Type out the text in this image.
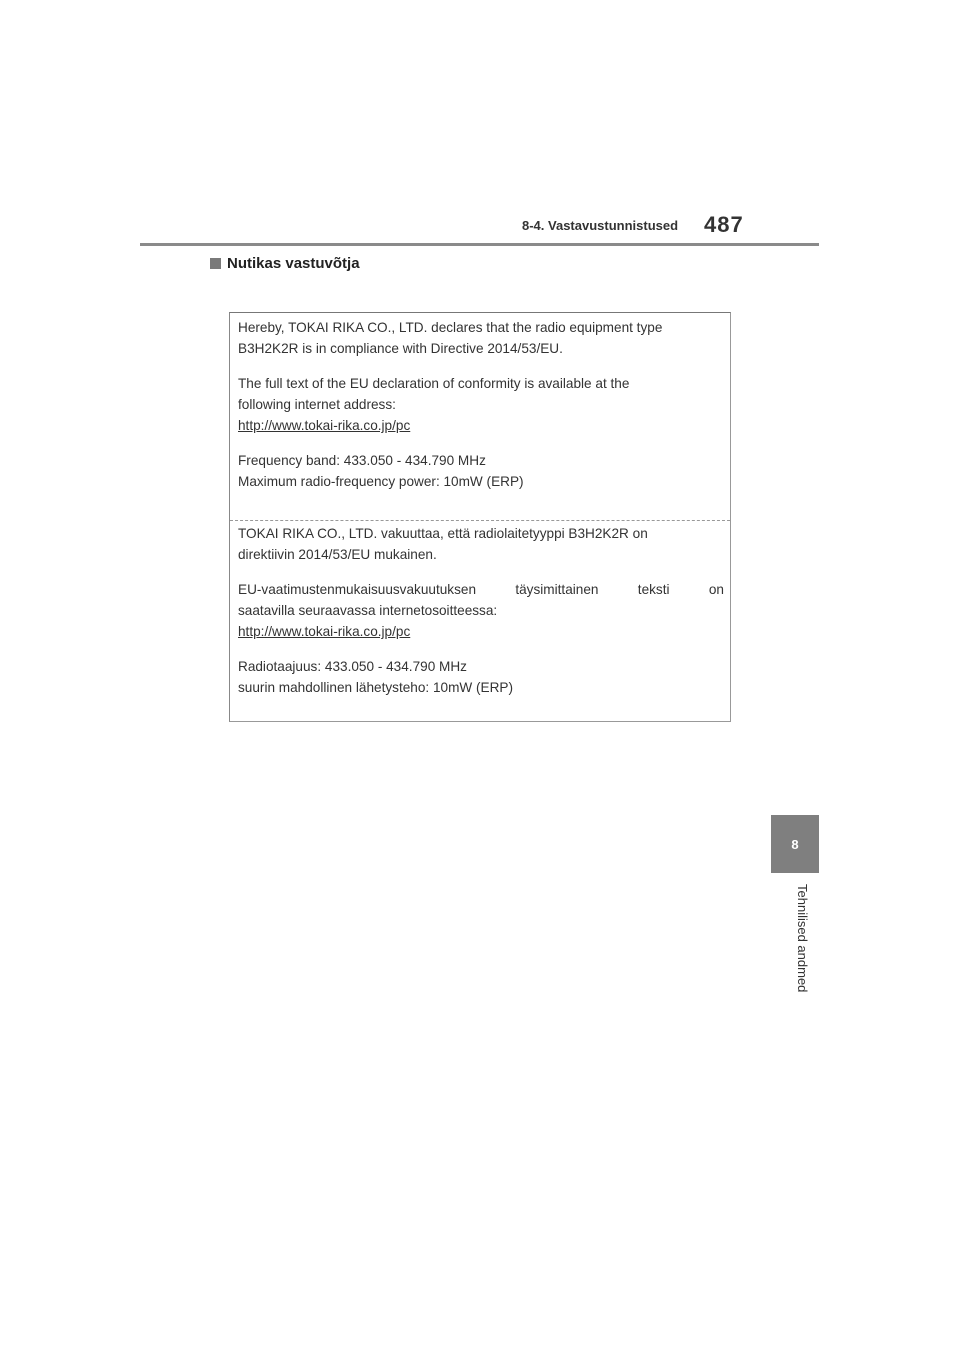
8-4. Vastavustunnistused 487
Nutikas vastuvõtja

Hereby, TOKAI RIKA CO., LTD. declares that the radio equipment type

B3H2K2R is in compliance with Directive 2014/53/EU.

The full text of the EU declaration of conformity is available at the

following internet address:

http://www.tokai-rika.co.jp/pc

Frequency band: 433.050 - 434.790 MHz

Maximum radio-frequency power: 10mW (ERP)

TOKAI RIKA CO., LTD. vakuuttaa, että radiolaitetyyppi B3H2K2R on

direktiivin 2014/53/EU mukainen.

EU-vaatimustenmukaisuusvakuutuksen täysimittainen teksti on

saatavilla seuraavassa internetosoitteessa:

http://www.tokai-rika.co.jp/pc

Radiotaajuus: 433.050 - 434.790 MHz

suurin mahdollinen lähetysteho: 10mW (ERP)

8
Tehnilised andmed
